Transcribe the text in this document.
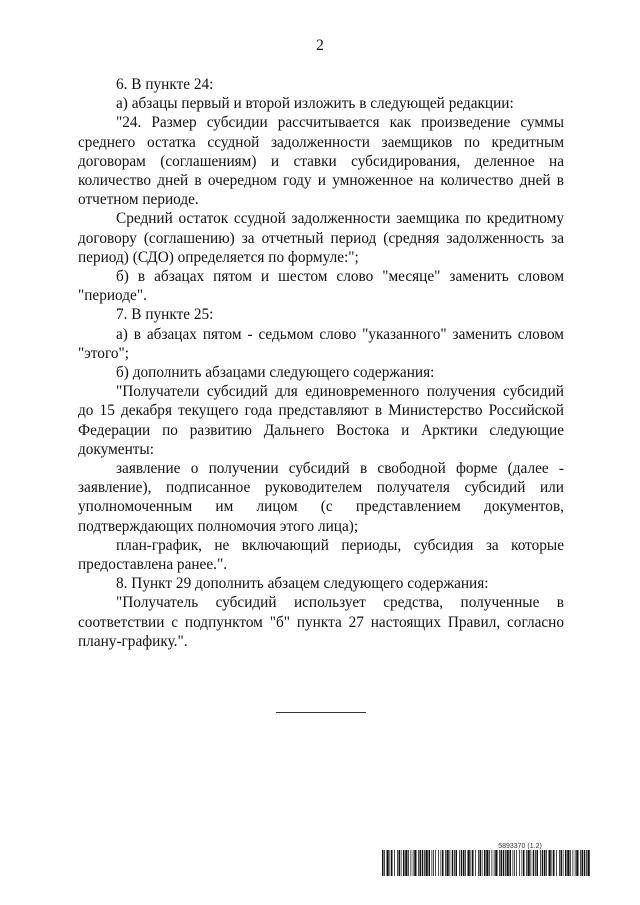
2

6. В пункте 24:

а) абзацы первый и второй изложить в следующей редакции:

"24. Размер субсидии рассчитывается как произведение суммы среднего остатка ссудной задолженности заемщиков по кредитным договорам (соглашениям) и ставки субсидирования, деленное на количество дней в очередном году и умноженное на количество дней в отчетном периоде.

Средний остаток ссудной задолженности заемщика по кредитному договору (соглашению) за отчетный период (средняя задолженность за период) (СДО) определяется по формуле:";

б) в абзацах пятом и шестом слово "месяце" заменить словом "периоде".

7. В пункте 25:

а) в абзацах пятом - седьмом слово "указанного" заменить словом "этого";

б) дополнить абзацами следующего содержания:

"Получатели субсидий для единовременного получения субсидий до 15 декабря текущего года представляют в Министерство Российской Федерации по развитию Дальнего Востока и Арктики следующие документы:

заявление о получении субсидий в свободной форме (далее - заявление), подписанное руководителем получателя субсидий или уполномоченным им лицом (с представлением документов, подтверждающих полномочия этого лица);

план-график, не включающий периоды, субсидия за которые предоставлена ранее.".

8. Пункт 29 дополнить абзацем следующего содержания:

"Получатель субсидий использует средства, полученные в соответствии с подпунктом "б" пункта 27 настоящих Правил, согласно плану-графику.".

5893370 (1.2)
